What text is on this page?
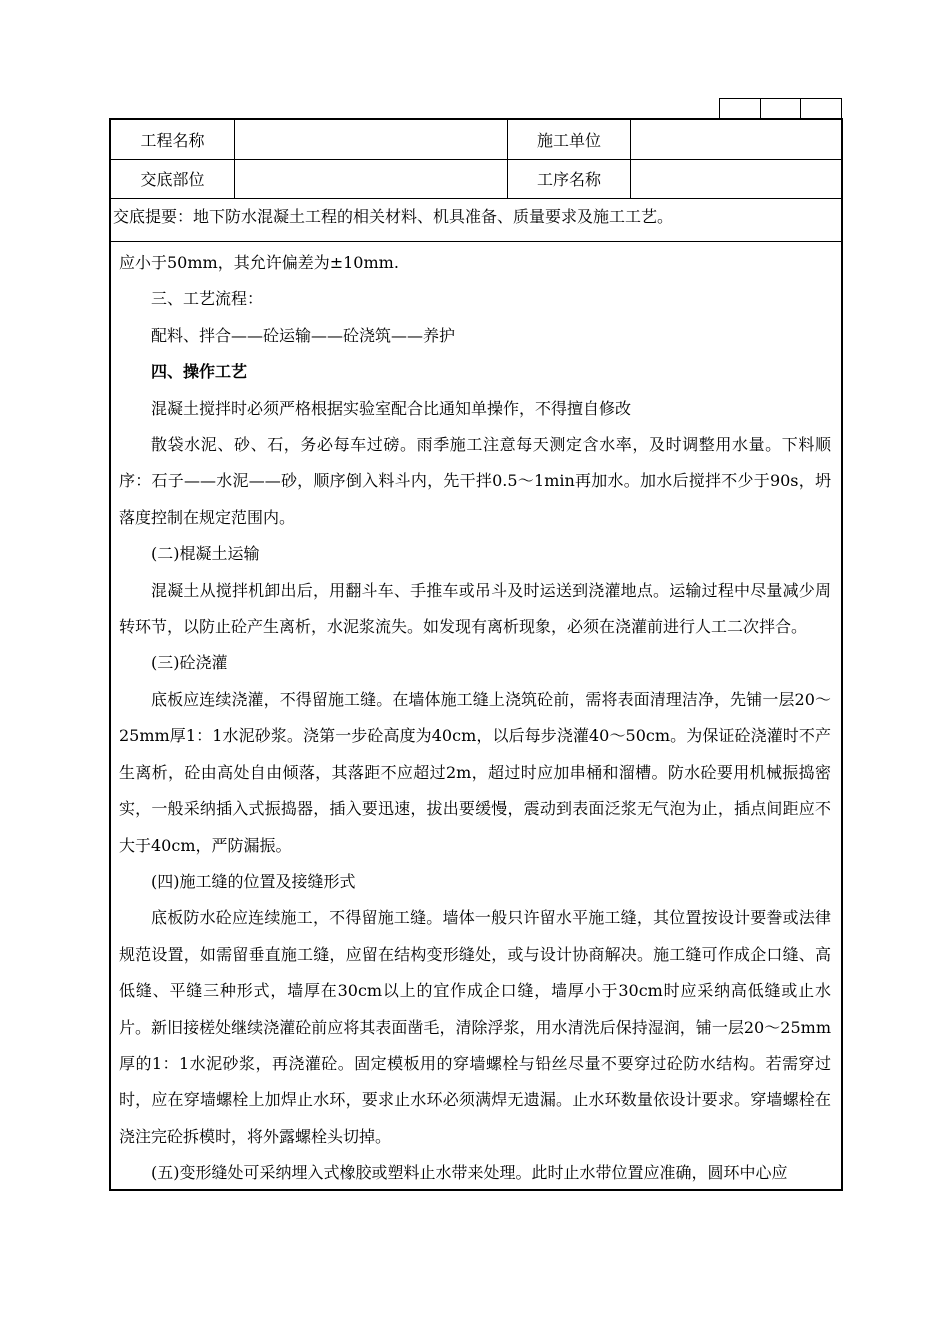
工程名称	施工单位
交底部位	工序名称
交底提要：地下防水混凝土工程的相关材料、机具准备、质量要求及施工工艺。

应小于50mm，其允许偏差为±10mm.

三、工艺流程：

配料、拌合——砼运输——砼浇筑——养护

四、操作工艺

混凝土搅拌时必须严格根据实验室配合比通知单操作，不得擅自修改

散袋水泥、砂、石，务必每车过磅。雨季施工注意每天测定含水率，及时调整用水量。下料顺序：石子——水泥——砂，顺序倒入料斗内，先干拌0.5～1min再加水。加水后搅拌不少于90s，坍落度控制在规定范围内。

(二)棍凝土运输

混凝土从搅拌机卸出后，用翻斗车、手推车或吊斗及时运送到浇灌地点。运输过程中尽量减少周转环节，以防止砼产生离析，水泥浆流失。如发现有离析现象，必须在浇灌前进行人工二次拌合。

(三)砼浇灌

底板应连续浇灌，不得留施工缝。在墙体施工缝上浇筑砼前，需将表面清理洁净，先铺一层20～25mm厚1：1水泥砂浆。浇第一步砼高度为40cm，以后每步浇灌40～50cm。为保证砼浇灌时不产生离析，砼由高处自由倾落，其落距不应超过2m，超过时应加串桶和溜槽。防水砼要用机械振捣密实，一般采纳插入式振捣器，插入要迅速，拔出要缓慢，震动到表面泛浆无气泡为止，插点间距应不大于40cm，严防漏振。

(四)施工缝的位置及接缝形式

底板防水砼应连续施工，不得留施工缝。墙体一般只许留水平施工缝，其位置按设计要誊或法律规范设置，如需留垂直施工缝，应留在结构变形缝处，或与设计协商解决。施工缝可作成企口缝、高低缝、平缝三种形式，墙厚在30cm以上的宜作成企口缝，墙厚小于30cm时应采纳高低缝或止水片。新旧接槎处继续浇灌砼前应将其表面凿毛，清除浮浆，用水清洗后保持湿润，铺一层20～25mm厚的1：1水泥砂浆，再浇灌砼。固定模板用的穿墙螺栓与铅丝尽量不要穿过砼防水结构。若需穿过时，应在穿墙螺栓上加焊止水环，要求止水环必须满焊无遗漏。止水环数量依设计要求。穿墙螺栓在浇注完砼拆模时，将外露螺栓头切掉。

(五)变形缝处可采纳埋入式橡胶或塑料止水带来处理。此时止水带位置应准确，圆环中心应
